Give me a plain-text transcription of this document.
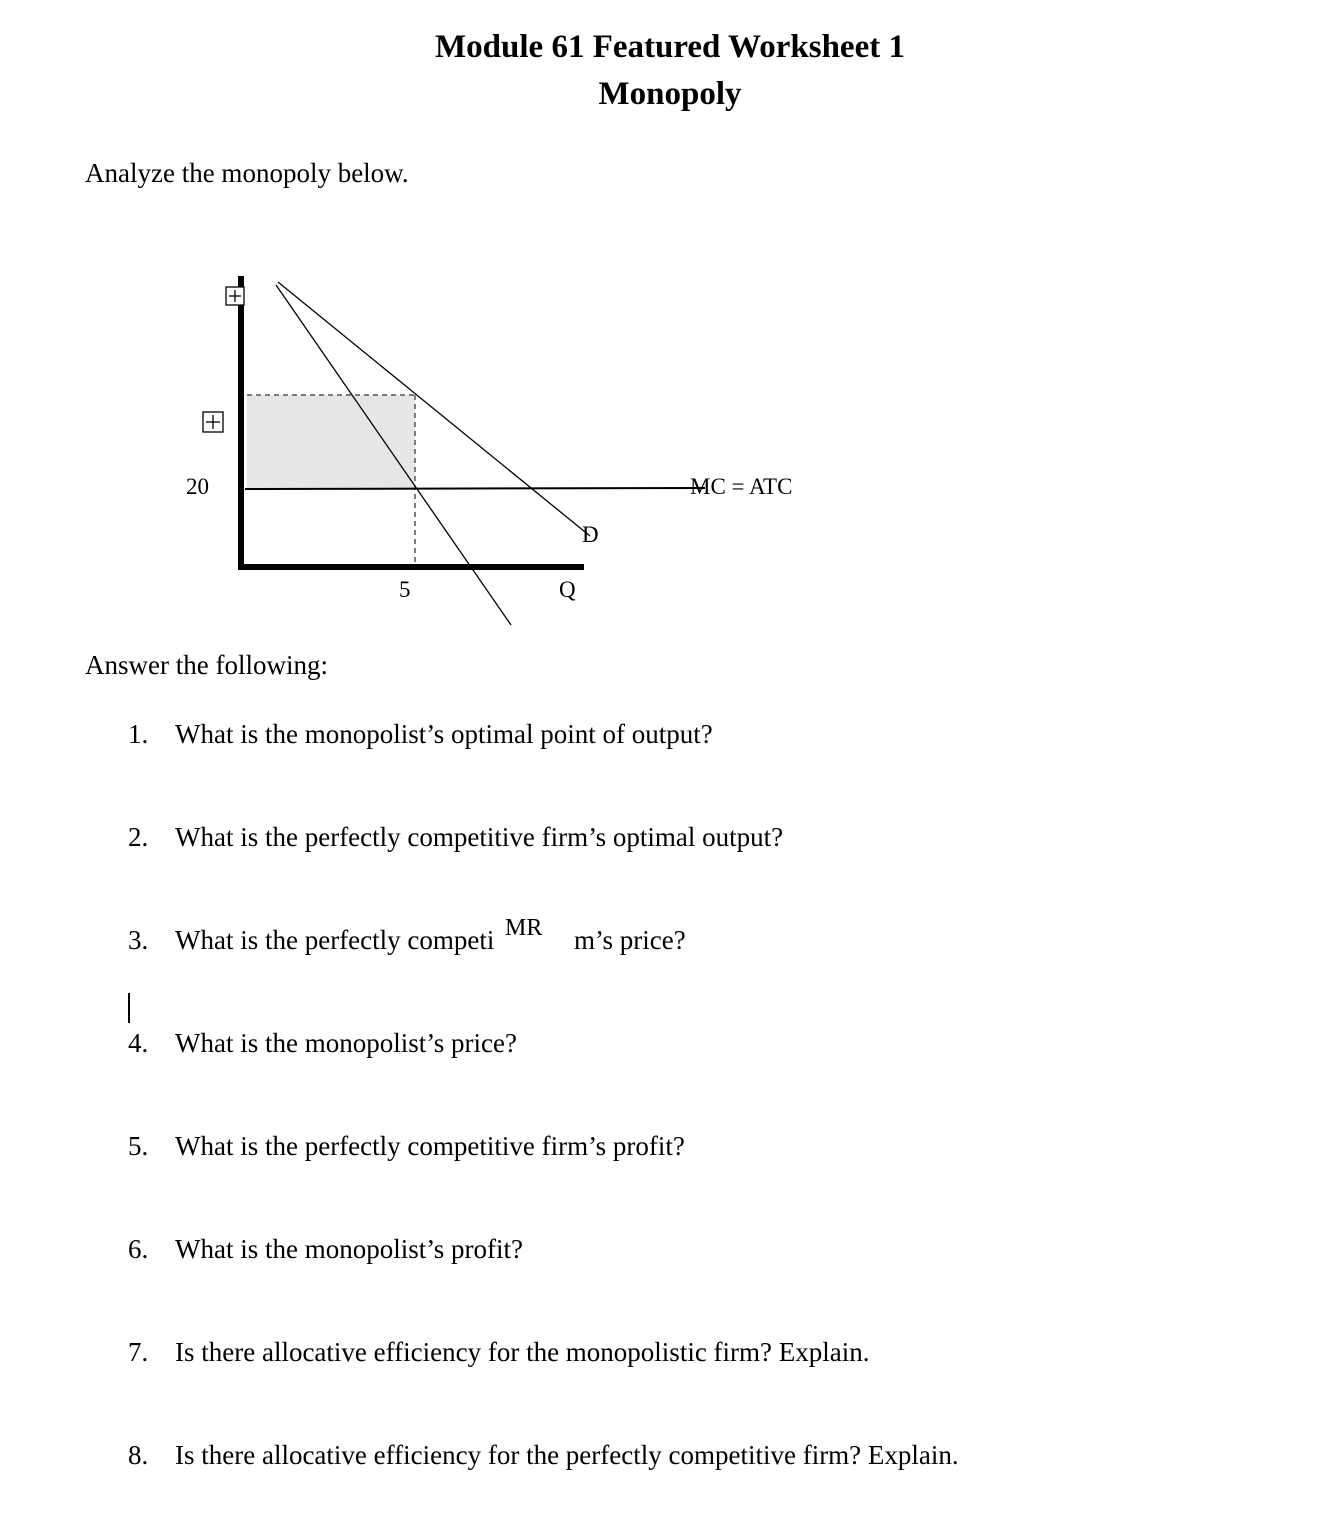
Module 61 Featured Worksheet 1
Monopoly
Analyze the monopoly below.
20
5	Q
D
MC = ATC
Answer the following:
1. What is the monopolist’s optimal point of output?
2. What is the perfectly competitive firm’s optimal output?
3. What is the perfectly competi	m’s price?
MR
4. What is the monopolist’s price?
5. What is the perfectly competitive firm’s profit?
6. What is the monopolist’s profit?
7. Is there allocative efficiency for the monopolistic firm? Explain.
8. Is there allocative efficiency for the perfectly competitive firm? Explain.
